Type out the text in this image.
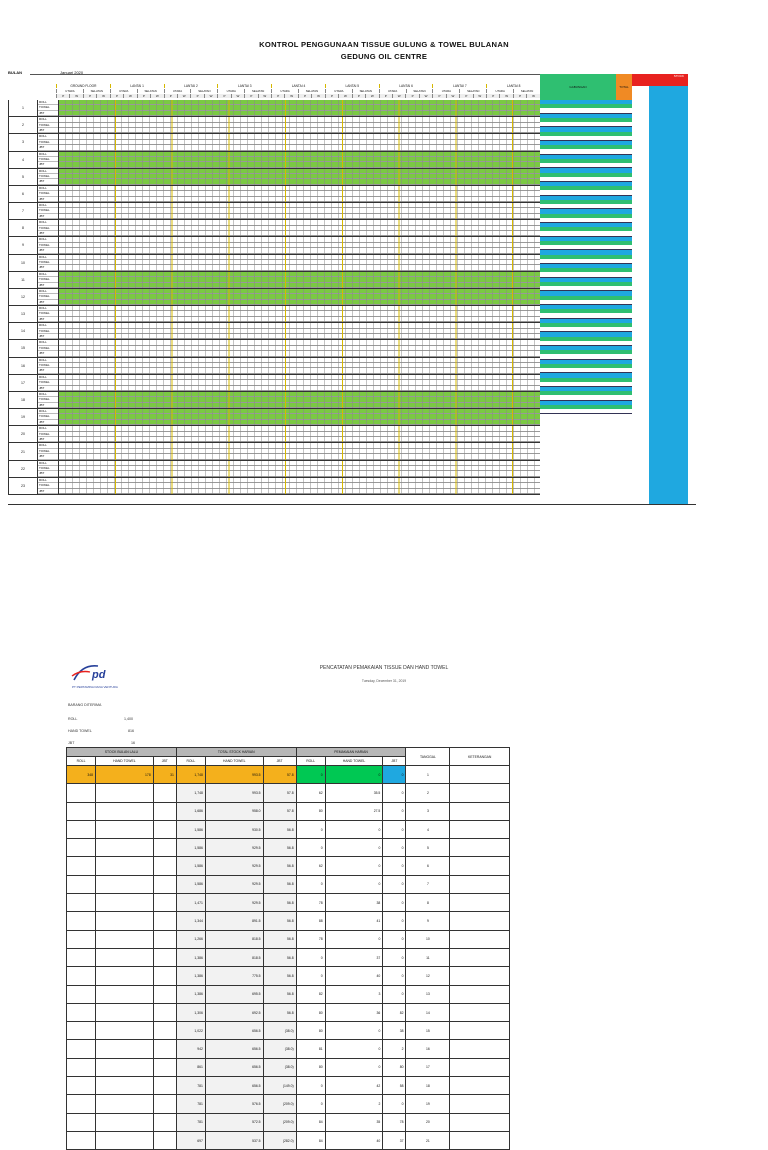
KONTROL PENGGUNAAN TISSUE GULUNG & TOWEL BULANAN
GEDUNG OIL CENTRE
BULAN	Januari 2020
GROUND FLOOR	LANTAI 1	LANTAI 2	LANTAI 3	LANTAI 4	LANTAI 5	LANTAI 6	LANTAI 7	LANTAI 8
UTARA	SELATAN	UTARA	SELATAN	UTARA	SELATAN	UTARA	SELATAN	UTARA	SELATAN	UTARA	SELATAN	UTARA	SELATAN	UTARA	SELATAN	UTARA	SELATAN
P	W	P	W	P	W	P	W	P	W	P	W	P	W	P	W	P	W	P	W	P	W	P	W	P	W	P	W	P	W	P	W	P	W	P	W
1
ROLL
TOWEL
JBT
2
ROLL
TOWEL
JBT
3
ROLL
TOWEL
JBT
4
ROLL
TOWEL
JBT
5
ROLL
TOWEL
JBT
6
ROLL
TOWEL
JBT
7
ROLL
TOWEL
JBT
8
ROLL
TOWEL
JBT
9
ROLL
TOWEL
JBT
10
ROLL
TOWEL
JBT
11
ROLL
TOWEL
JBT
12
ROLL
TOWEL
JBT
13
ROLL
TOWEL
JBT
14
ROLL
TOWEL
JBT
15
ROLL
TOWEL
JBT
16
ROLL
TOWEL
JBT
17
ROLL
TOWEL
JBT
18
ROLL
TOWEL
JBT
19
ROLL
TOWEL
JBT
20
ROLL
TOWEL
JBT
21
ROLL
TOWEL
JBT
22
ROLL
TOWEL
JBT
23
ROLL
TOWEL
JBT
GABUNGAN	TOTAL
STOCK
pd
PT PERTAMINA DANA VENTURA
PENCATATAN PEMAKAIAN TISSUE DAN HAND TOWEL
Tuesday, December 31, 2019
BARANG DITERIMA
ROLL	1,400
HAND TOWEL	816
JBT	16
STOCK BULAN LALU			TOTAL STOCK HARIAN			PEMAKAIAN HARIAN			TANGGAL	KETERANGAN
ROLL	HAND TOWEL	JBT	ROLL	HAND TOWEL	JBT	ROLL	HAND TOWEL	JBT		
348	178	31	1,748	993.5	57.8	0	0	0	1	
			1,748	993.5	57.8	62	35.5	0	2	
			1,686	958.0	57.8	80	27.5	0	3	
			1,586	930.5	56.8	0	0	0	4	
			1,586	929.5	56.8	0	0	0	5	
			1,586	929.5	56.8	62	0	0	6	
			1,586	929.5	56.8	0	0	0	7	
			1,471	929.5	56.8	78	38	0	8	
			1,344	891.5	56.8	88	41	0	9	
			1,266	818.5	56.8	78	0	0	10	
			1,386	818.5	56.8	0	37	0	11	
			1,386	775.5	56.8	0	40	0	12	
			1,386	695.5	56.8	82	3	0	13	
			1,306	692.5	56.8	80	36	82	14	
			1,022	656.5	(38.0)	80	0	38	15	
			942	656.5	(38.0)	81	0	2	16	
			861	656.5	(38.0)	80	0	80	17	
			781	656.5	(149.0)	0	42	58	18	
			781	576.5	(209.0)	0	2	0	19	
			781	572.5	(209.0)	84	35	78	20	
			697	537.5	(282.0)	84	40	37	21	
